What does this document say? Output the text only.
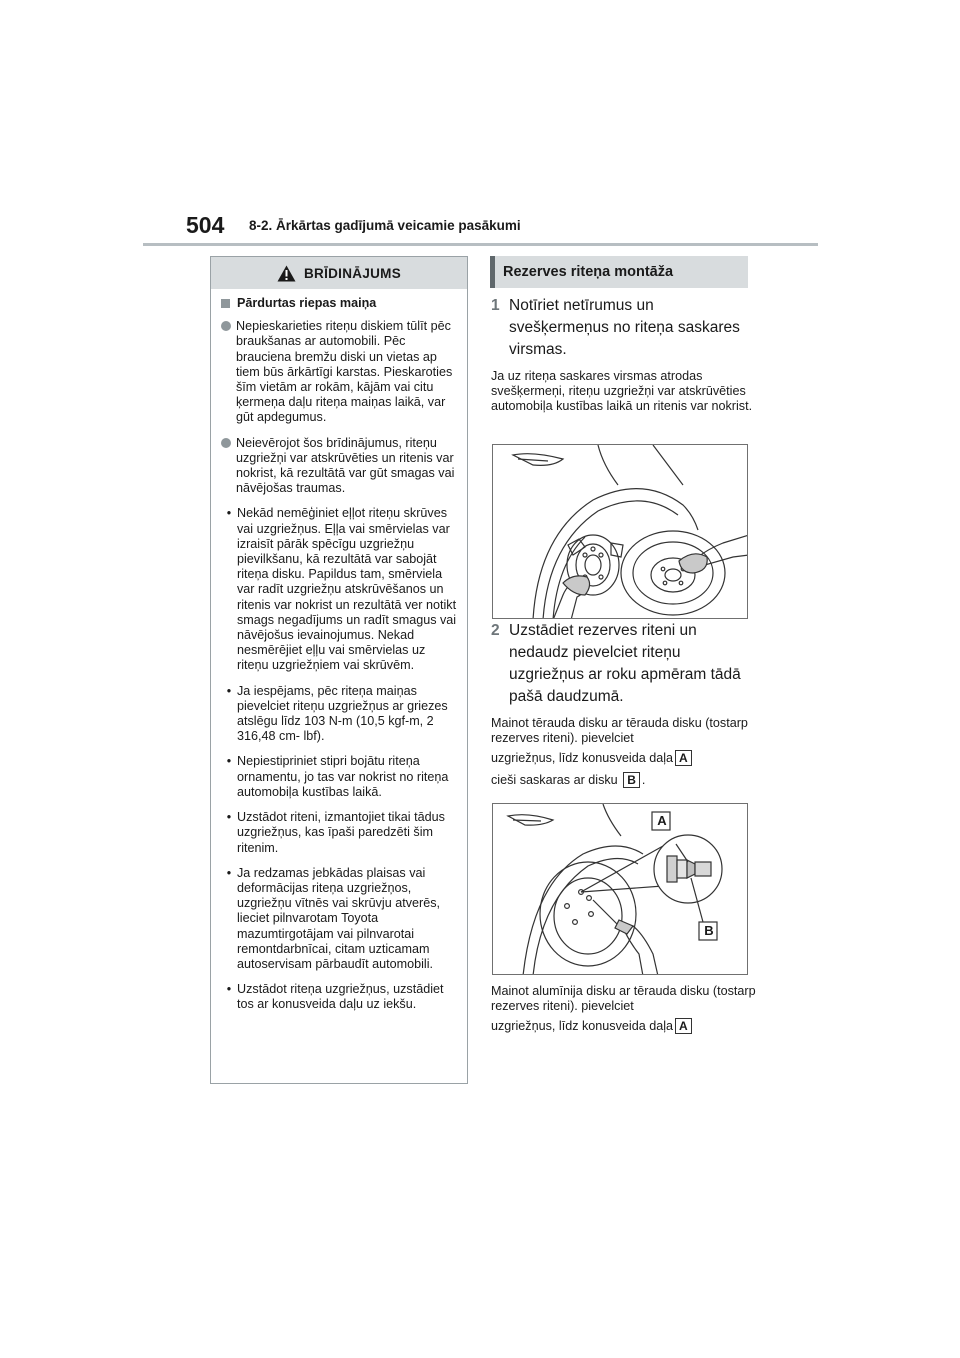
504 8-2. Ārkārtas gadījumā veicamie pasākumi
BRĪDINĀJUMS
Pārdurtas riepas maiņa
Nepieskarieties riteņu diskiem tūlīt pēc braukšanas ar automobili. Pēc brauciena bremžu diski un vietas ap tiem būs ārkārtīgi karstas. Pieskaroties šīm vietām ar rokām, kājām vai citu ķermeņa daļu riteņa maiņas laikā, var gūt apdegumus.
Neievērojot šos brīdinājumus, riteņu uzgriežņi var atskrūvēties un ritenis var nokrist, kā rezultātā var gūt smagas vai nāvējošas traumas.
• Nekād nemēģiniet eļļot riteņu skrūves vai uzgriežņus. Eļļa vai smērvielas var izraisīt pārāk spēcīgu uzgriežņu pievilkšanu, kā rezultātā var sabojāt riteņa disku. Papildus tam, smērviela var radīt uzgriežņu atskrūvēšanos un ritenis var nokrist un rezultātā ver notikt smags negadījums un radīt smagus vai nāvējošus ievainojumus. Nekad nesmērējiet eļļu vai smērvielas uz riteņu uzgriežņiem vai skrūvēm.
• Ja iespējams, pēc riteņa maiņas pievelciet riteņu uzgriežņus ar griezes atslēgu līdz 103 N-m (10,5 kgf-m, 2 316,48 cm- lbf).
• Nepiestipriniet stipri bojātu riteņa ornamentu, jo tas var nokrist no riteņa automobiļa kustības laikā.
• Uzstādot riteni, izmantojiet tikai tādus uzgriežņus, kas īpaši paredzēti šim ritenim.
• Ja redzamas jebkādas plaisas vai deformācijas riteņa uzgriežņos, uzgriežņu vītnēs vai skrūvju atverēs, lieciet pilnvarotam Toyota mazumtirgotājam vai pilnvarotai remontdarbnīcai, citam uzticamam autoservisam pārbaudīt automobili.
• Uzstādot riteņa uzgriežņus, uzstādiet tos ar konusveida daļu uz iekšu.
Rezerves riteņa montāža
1 Notīriet netīrumus un svešķermeņus no riteņa saskares virsmas.
Ja uz riteņa saskares virsmas atrodas svešķermeņi, riteņu uzgriežņi var atskrūvēties automobiļa kustības laikā un ritenis var nokrist.
2 Uzstādiet rezerves riteni un nedaudz pievelciet riteņu uzgriežņus ar roku apmēram tādā pašā daudzumā.
Mainot tērauda disku ar tērauda disku (tostarp rezerves riteni). pievelciet
uzgriežņus, līdz konusveida daļa A
cieši saskaras ar disku B .
A
B
Mainot alumīnija disku ar tērauda disku (tostarp rezerves riteni). pievelciet
uzgriežņus, līdz konusveida daļa A
